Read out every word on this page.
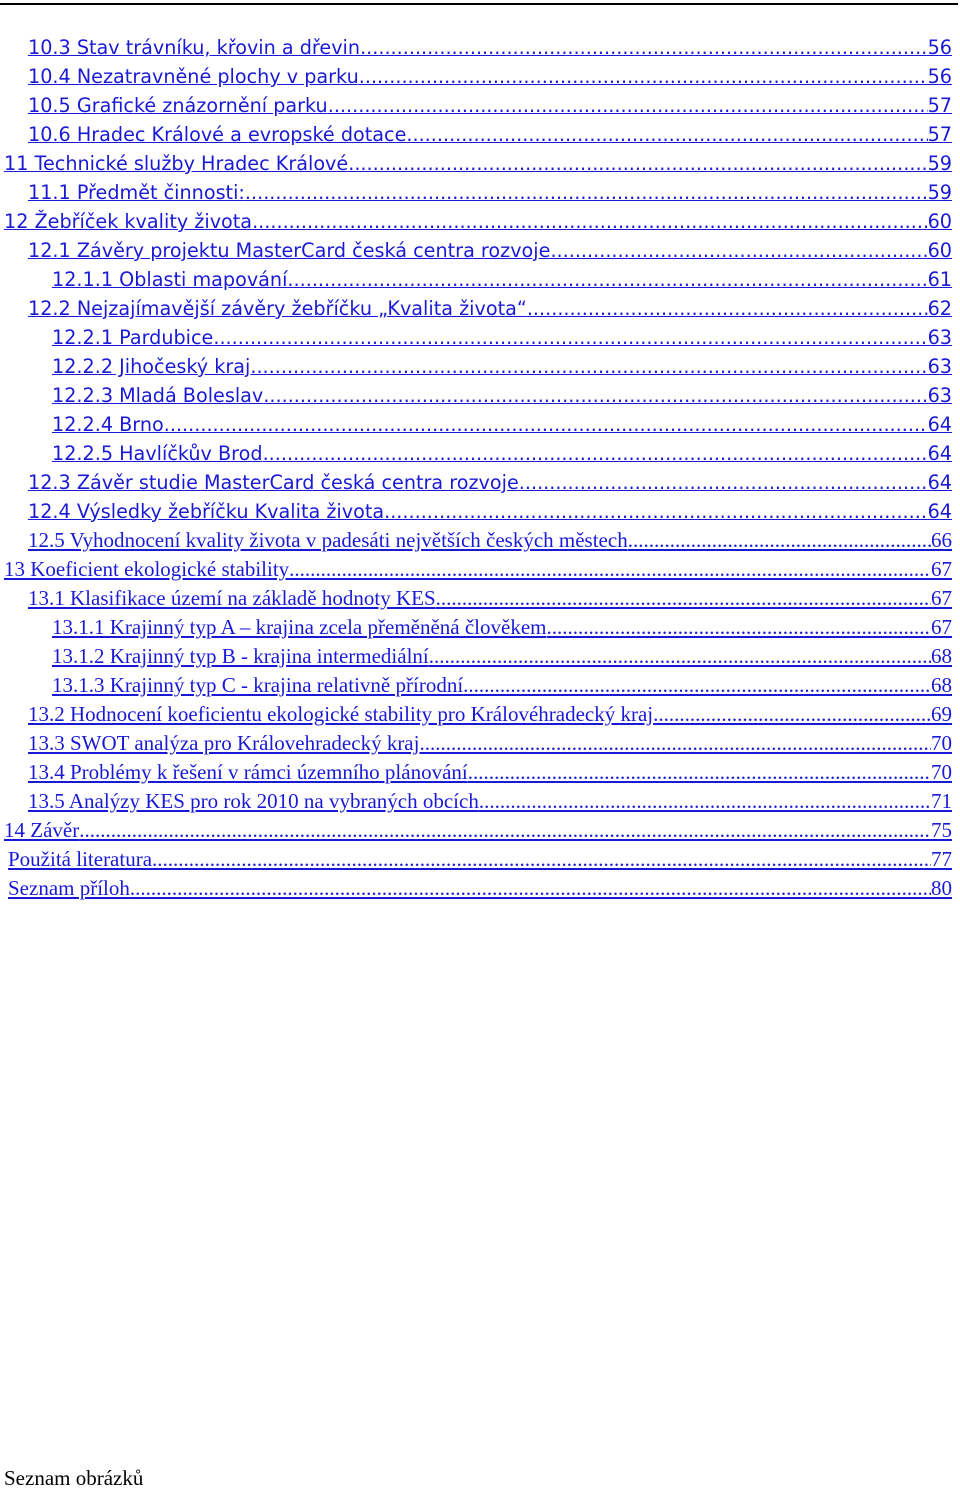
10.3 Stav trávníku, křovin a dřevin .....	56
10.4 Nezatravněné plochy v parku .....	56
10.5 Grafické znázornění parku .....	57
10.6 Hradec Králové a evropské dotace .....	57
11 Technické služby Hradec Králové .....	59
11.1 Předmět činnosti: .....	59
12 Žebříček kvality života .....	60
12.1 Závěry projektu MasterCard česká centra rozvoje .....	60
12.1.1 Oblasti mapování .....	61
12.2 Nejzajímavější závěry žebříčku „Kvalita života“ .....	62
12.2.1 Pardubice .....	63
12.2.2 Jihočeský kraj .....	63
12.2.3 Mladá Boleslav .....	63
12.2.4 Brno .....	64
12.2.5 Havlíčkův Brod .....	64
12.3 Závěr studie MasterCard česká centra rozvoje .....	64
12.4 Výsledky žebříčku Kvalita života .....	64
12.5 Vyhodnocení kvality života v padesáti největších českých městech .....	66
13 Koeficient ekologické stability .....	67
13.1 Klasifikace území na základě hodnoty KES .....	67
13.1.1 Krajinný typ A – krajina zcela přeměněná člověkem .....	67
13.1.2 Krajinný typ B - krajina intermediální .....	68
13.1.3 Krajinný typ C - krajina relativně přírodní .....	68
13.2 Hodnocení koeficientu ekologické stability pro Královéhradecký kraj .....	69
13.3 SWOT analýza pro Královehradecký kraj .....	70
13.4 Problémy k řešení v rámci územního plánování .....	70
13.5 Analýzy KES pro rok 2010 na vybraných obcích .....	71
14 Závěr .....	75
Použitá literatura .....	77
Seznam příloh .....	80
Seznam obrázků
